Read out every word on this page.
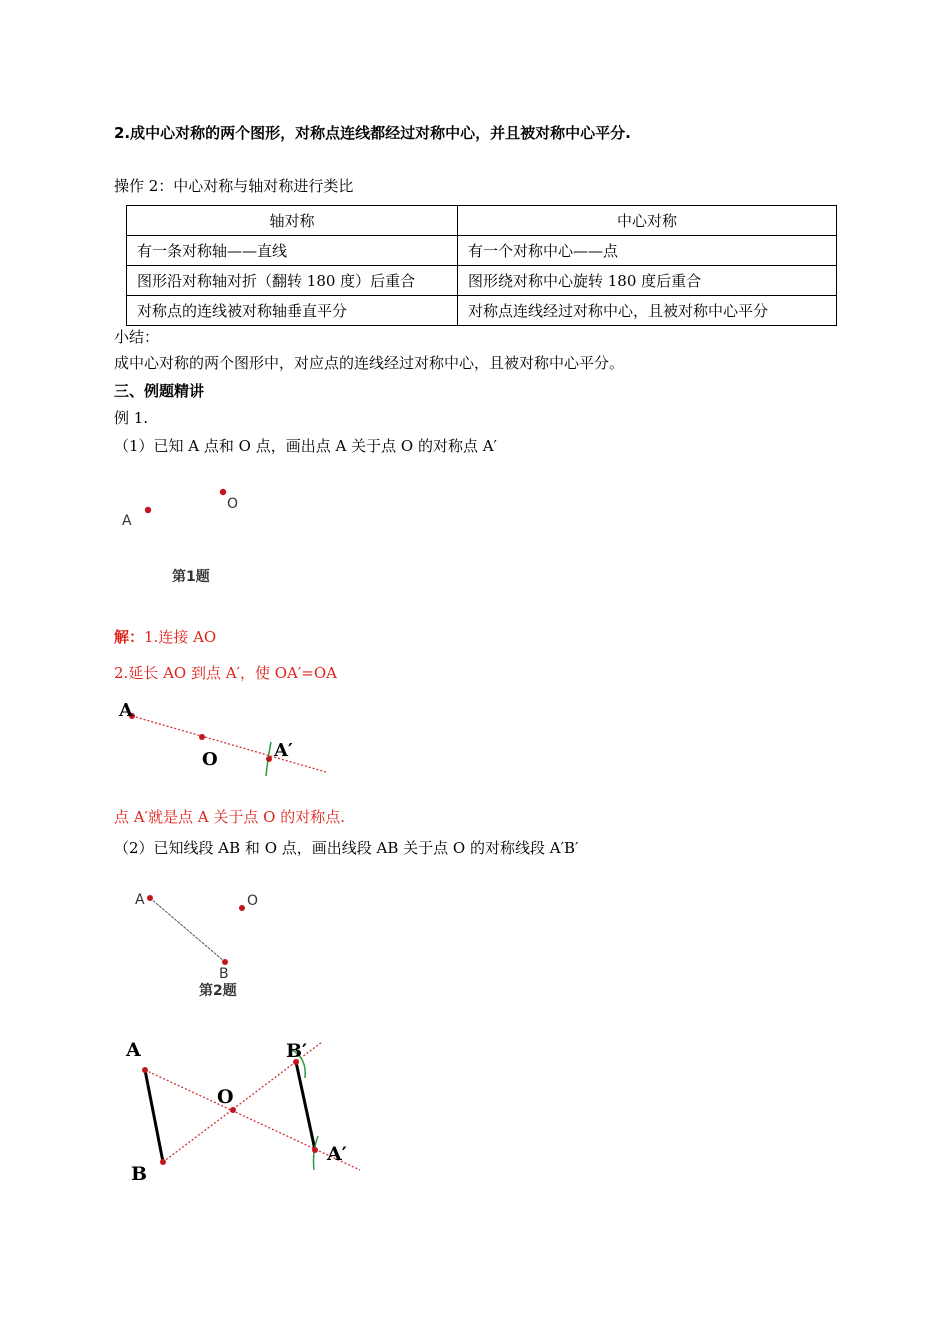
2.成中心对称的两个图形，对称点连线都经过对称中心，并且被对称中心平分.
操作 2：中心对称与轴对称进行类比
轴对称	中心对称
有一条对称轴——直线	有一个对称中心——点
图形沿对称轴对折（翻转 180 度）后重合	图形绕对称中心旋转 180 度后重合
对称点的连线被对称轴垂直平分	对称点连线经过对称中心，且被对称中心平分
小结：
成中心对称的两个图形中，对应点的连线经过对称中心，且被对称中心平分。
三、例题精讲
例 1.
（1）已知 A 点和 O 点，画出点 A 关于点 O 的对称点 A′
A
O
第1题
解：1.连接 AO
2.延长 AO 到点 A′，使 OA′=OA
A
O	A′
点 A′就是点 A 关于点 O 的对称点.
（2）已知线段 AB 和 O 点，画出线段 AB 关于点 O 的对称线段 A′B′
A	O
B
第2题
A
B
O
B′
A′
